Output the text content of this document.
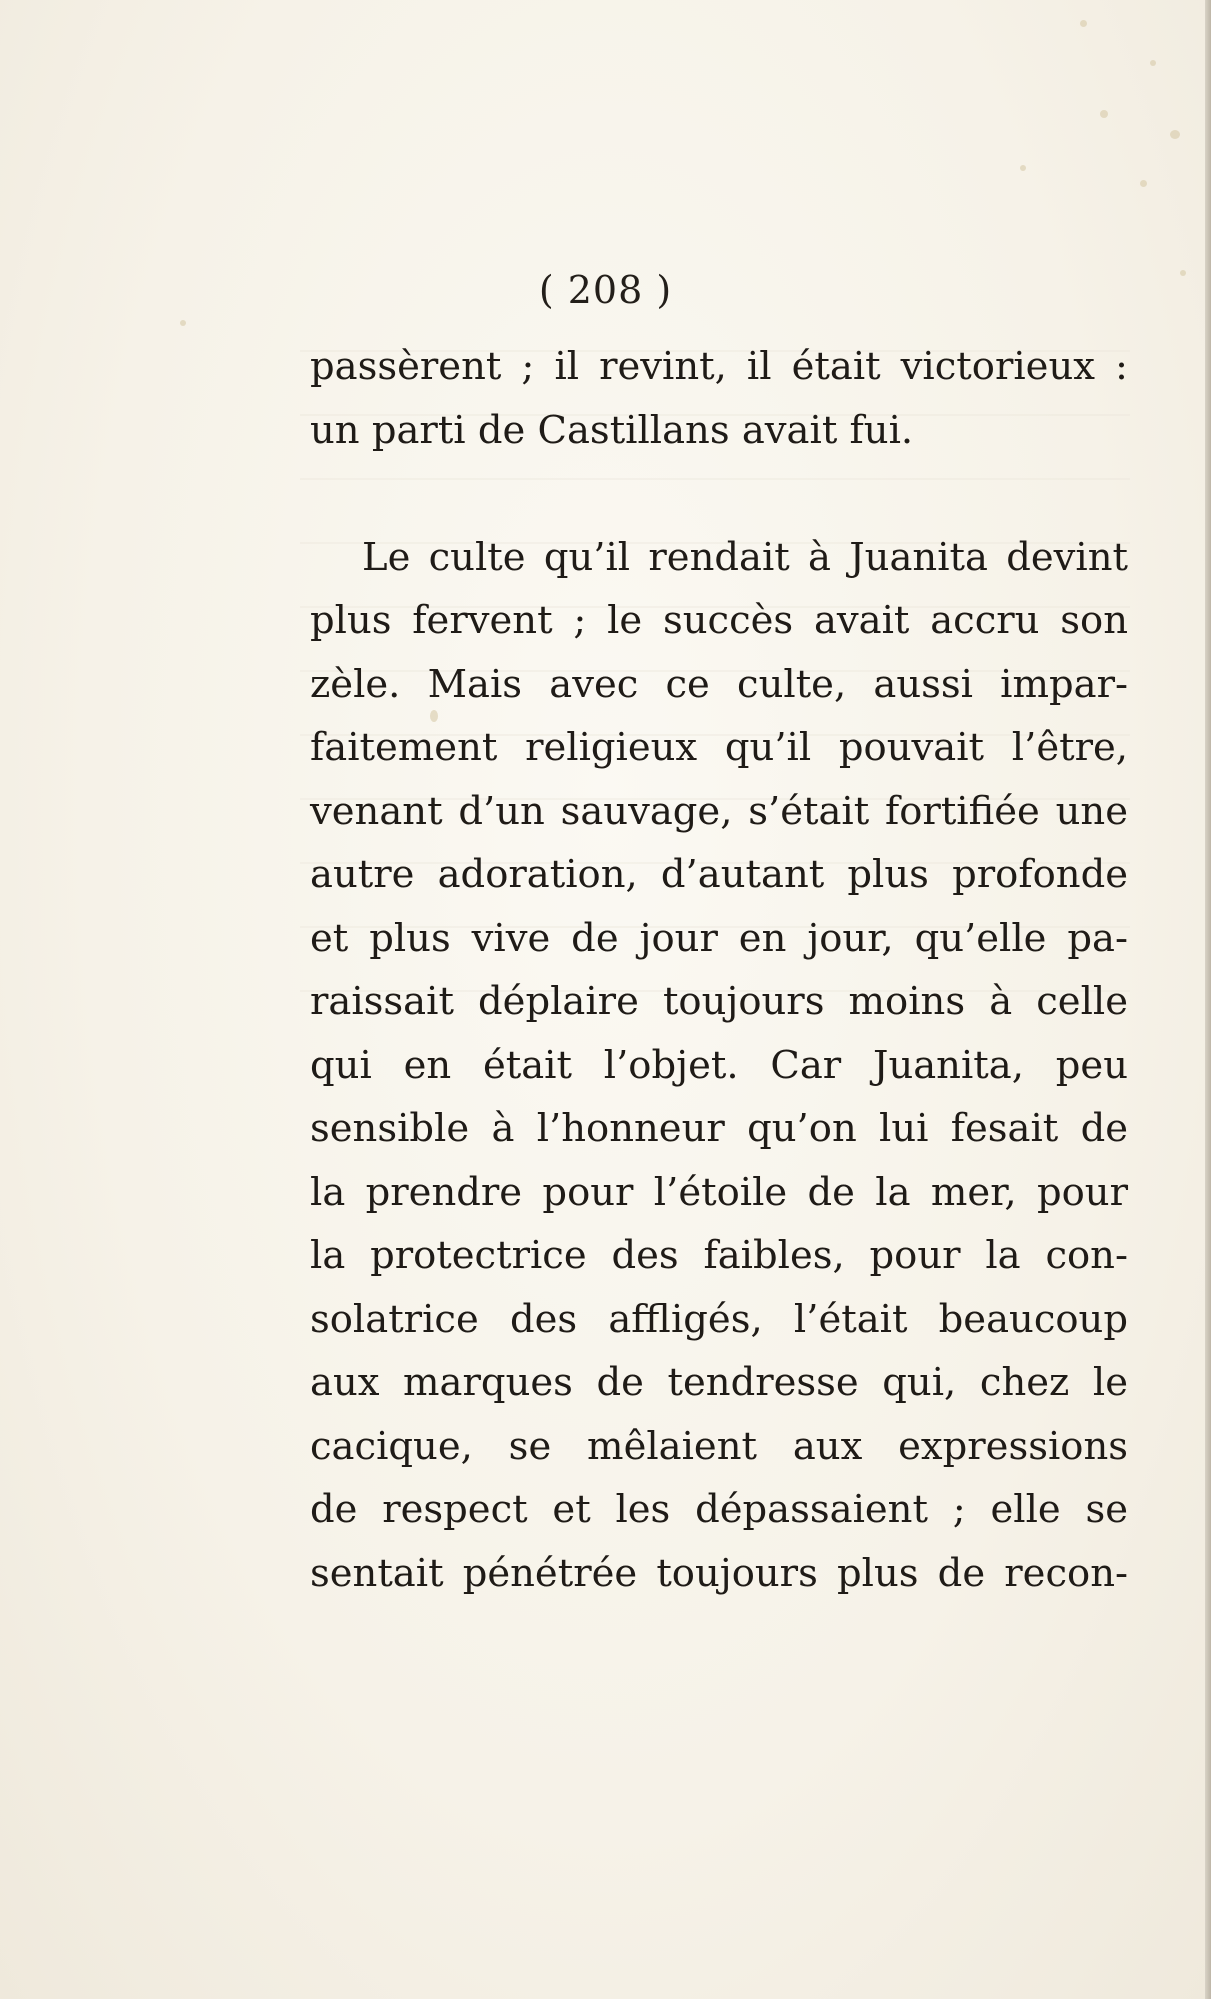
( 208 )
passèrent ; il revint, il était victorieux :
un parti de Castillans avait fui.
Le culte qu’il rendait à Juanita devint
plus fervent ; le succès avait accru son
zèle. Mais avec ce culte, aussi impar-
faitement religieux qu’il pouvait l’être,
venant d’un sauvage, s’était fortifiée une
autre adoration, d’autant plus profonde
et plus vive de jour en jour, qu’elle pa-
raissait déplaire toujours moins à celle
qui en était l’objet. Car Juanita, peu
sensible à l’honneur qu’on lui fesait de
la prendre pour l’étoile de la mer, pour
la protectrice des faibles, pour la con-
solatrice des affligés, l’était beaucoup
aux marques de tendresse qui, chez le
cacique, se mêlaient aux expressions
de respect et les dépassaient ; elle se
sentait pénétrée toujours plus de recon-
